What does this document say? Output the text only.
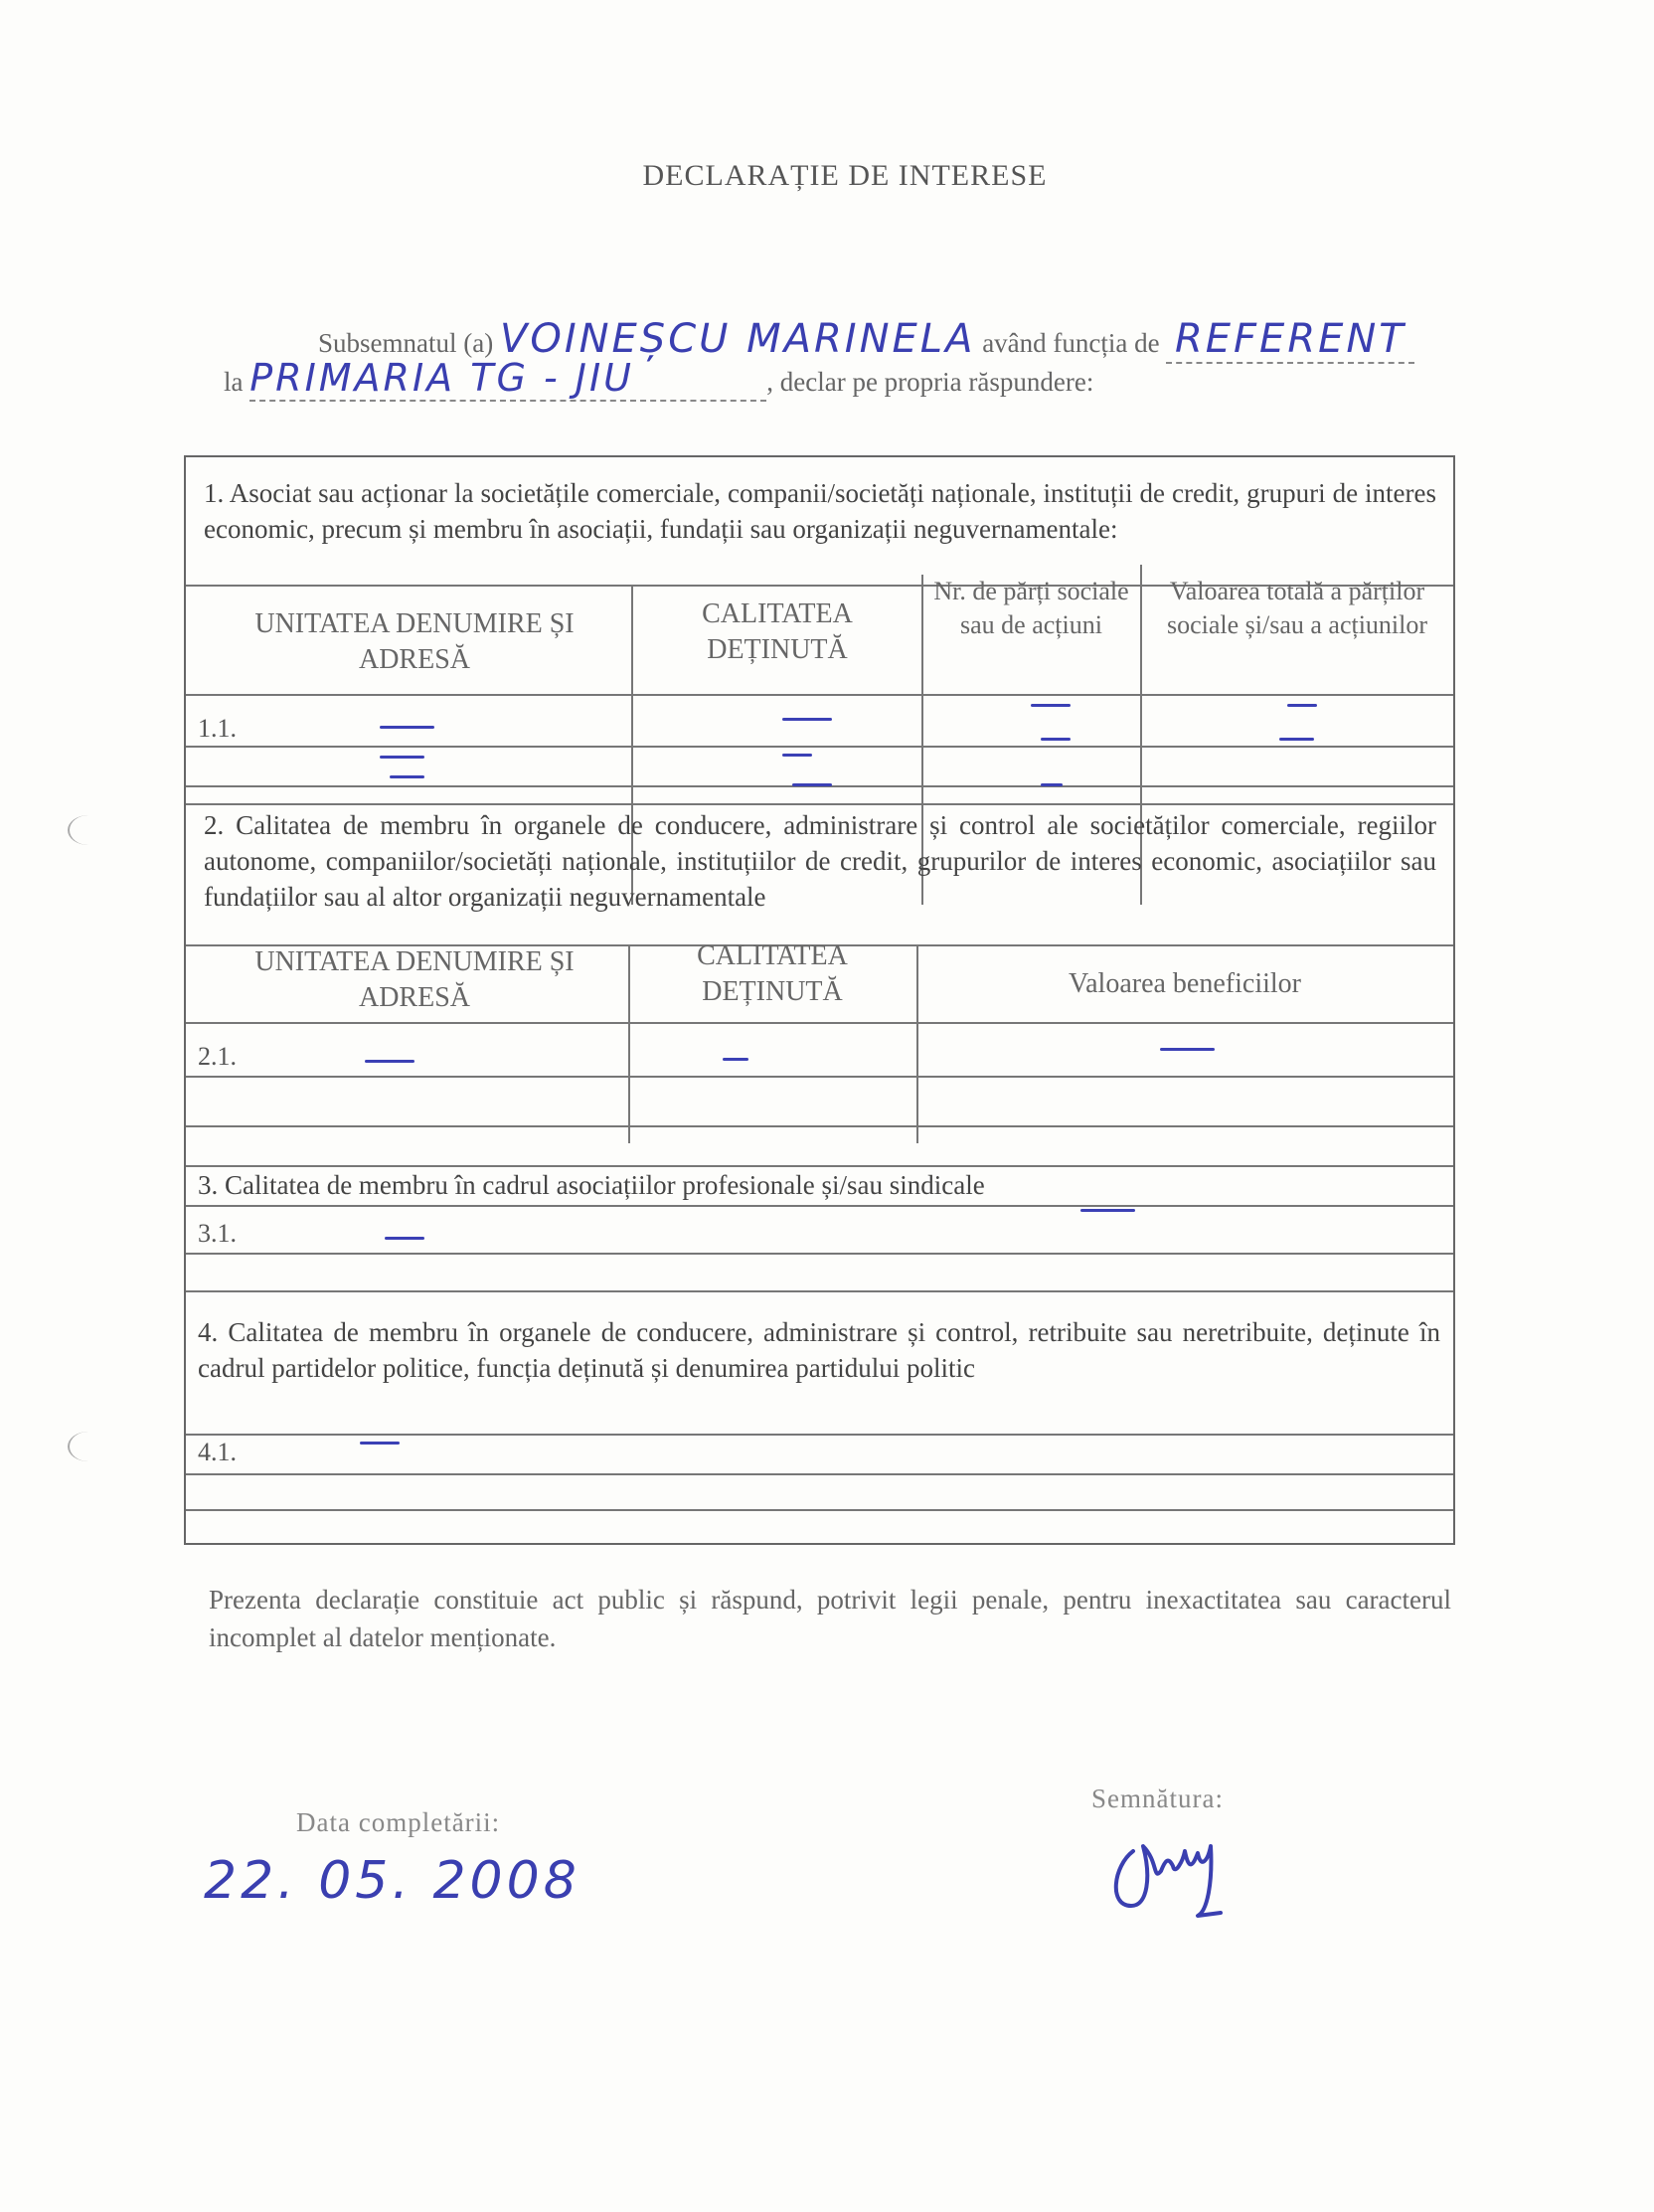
DECLARAȚIE DE INTERESE
Subsemnatul (a) VOINEȘCU MARINELA având funcția de REFERENT
la PRIMARIA TG - JIU	, declar pe propria răspundere:
1. Asociat sau acționar la societățile comerciale, companii/societăți naționale, instituții de credit, grupuri de interes economic, precum și membru în asociații, fundații sau organizații neguvernamentale:
UNITATEA DENUMIRE ȘI ADRESĂ
CALITATEA DEȚINUTĂ
Nr. de părți sociale sau de acțiuni
Valoarea totală a părților sociale și/sau a acțiunilor
1.1.
2. Calitatea de membru în organele de conducere, administrare și control ale societăților comerciale, regiilor autonome, companiilor/societăți naționale, instituțiilor de credit, grupurilor de interes economic, asociațiilor sau fundațiilor sau al altor organizații neguvernamentale
UNITATEA DENUMIRE ȘI ADRESĂ
CALITATEA DEȚINUTĂ	Valoarea beneficiilor
2.1.
3. Calitatea de membru în cadrul asociațiilor profesionale și/sau sindicale
3.1.
4. Calitatea de membru în organele de conducere, administrare și control, retribuite sau neretribuite, deținute în cadrul partidelor politice, funcția deținută și denumirea partidului politic
4.1.
Prezenta declarație constituie act public și răspund, potrivit legii penale, pentru inexactitatea sau caracterul incomplet al datelor menționate.
Data completării:
22. 05. 2008
Semnătura:
